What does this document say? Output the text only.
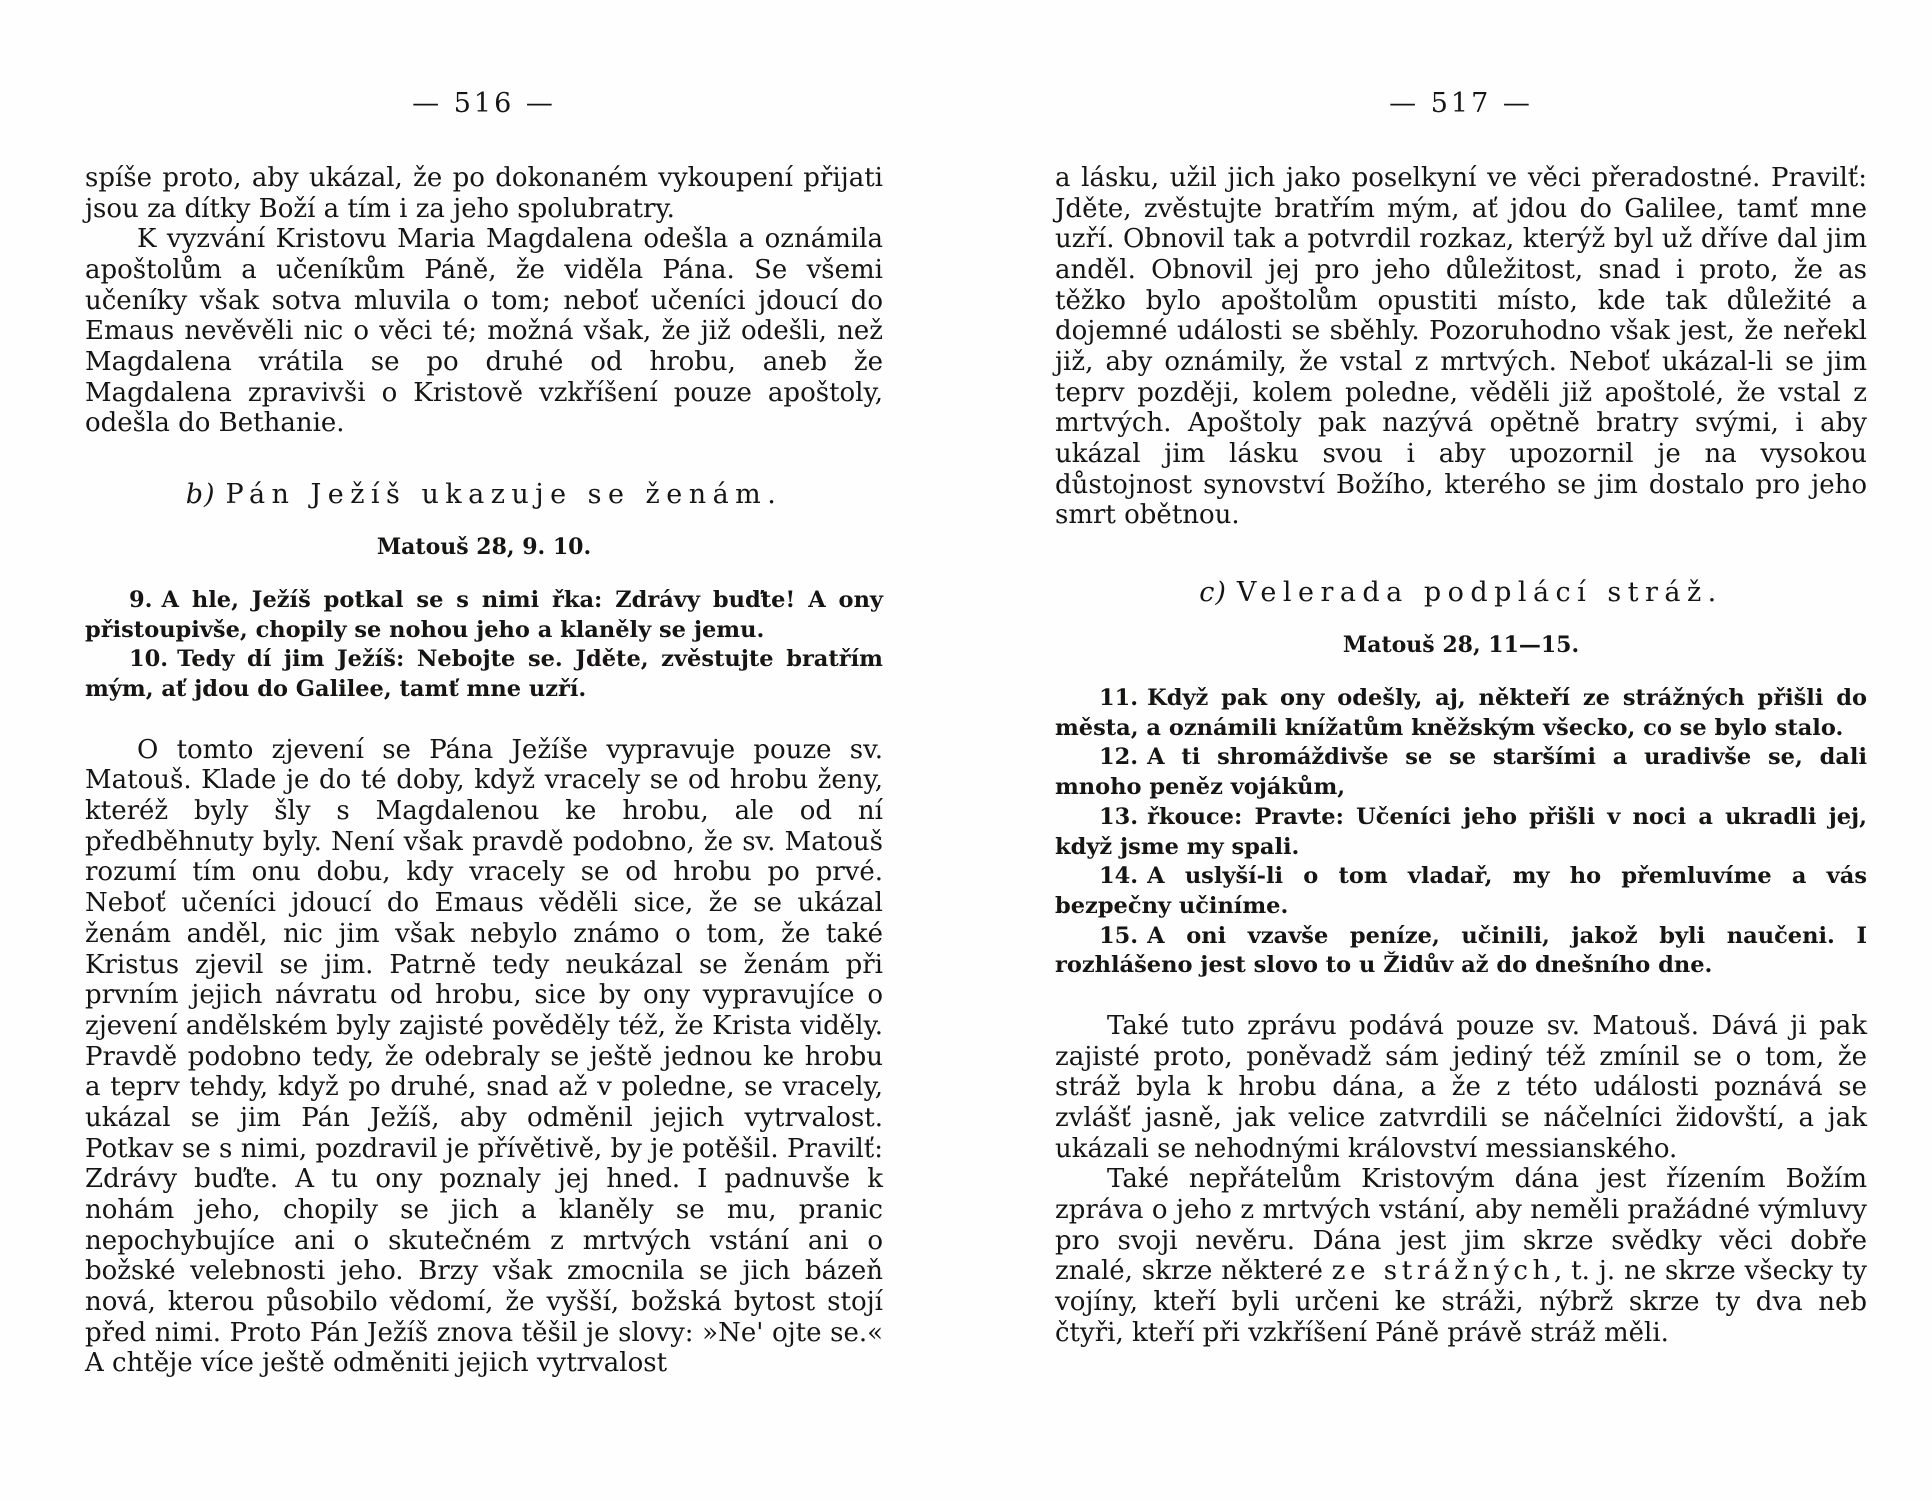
— 516 —

spíše proto, aby ukázal, že po dokonaném vykoupení přijati jsou za dítky Boží a tím i za jeho spolubratry.

K vyzvání Kristovu Maria Magdalena odešla a oznámila apoštolům a učeníkům Páně, že viděla Pána. Se všemi učeníky však sotva mluvila o tom; neboť učeníci jdoucí do Emaus nevěvěli nic o věci té; možná však, že již odešli, než Magdalena vrátila se po druhé od hrobu, aneb že Magdalena zpravivši o Kristově vzkříšení pouze apoštoly, odešla do Bethanie.

b) Pán Ježíš ukazuje se ženám.
Matouš 28, 9. 10.

9. A hle, Ježíš potkal se s nimi řka: Zdrávy buďte! A ony přistoupivše, chopily se nohou jeho a klaněly se jemu.

10. Tedy dí jim Ježíš: Nebojte se. Jděte, zvěstujte bratřím mým, ať jdou do Galilee, tamť mne uzří.

O tomto zjevení se Pána Ježíše vypravuje pouze sv. Matouš. Klade je do té doby, když vracely se od hrobu ženy, kteréž byly šly s Magdalenou ke hrobu, ale od ní předběhnuty byly. Není však pravdě podobno, že sv. Matouš rozumí tím onu dobu, kdy vracely se od hrobu po prvé. Neboť učeníci jdoucí do Emaus věděli sice, že se ukázal ženám anděl, nic jim však nebylo známo o tom, že také Kristus zjevil se jim. Patrně tedy neukázal se ženám při prvním jejich návratu od hrobu, sice by ony vypravujíce o zjevení andělském byly zajisté pověděly též, že Krista viděly. Pravdě podobno tedy, že odebraly se ještě jednou ke hrobu a teprv tehdy, když po druhé, snad až v poledne, se vracely, ukázal se jim Pán Ježíš, aby odměnil jejich vytrvalost. Potkav se s nimi, pozdravil je přívětivě, by je potěšil. Pravilť: Zdrávy buďte. A tu ony poznaly jej hned. I padnuvše k nohám jeho, chopily se jich a klaněly se mu, pranic nepochybujíce ani o skutečném z mrtvých vstání ani o božské velebnosti jeho. Brzy však zmocnila se jich bázeň nová, kterou působilo vědomí, že vyšší, božská bytost stojí před nimi. Proto Pán Ježíš znova těšil je slovy: »Ne' ojte se.« A chtěje více ještě odměniti jejich vytrvalost

— 517 —

a lásku, užil jich jako poselkyní ve věci přeradostné. Pravilť: Jděte, zvěstujte bratřím mým, ať jdou do Galilee, tamť mne uzří. Obnovil tak a potvrdil rozkaz, kterýž byl už dříve dal jim anděl. Obnovil jej pro jeho důležitost, snad i proto, že as těžko bylo apoštolům opustiti místo, kde tak důležité a dojemné události se sběhly. Pozoruhodno však jest, že neřekl již, aby oznámily, že vstal z mrtvých. Neboť ukázal-li se jim teprv později, kolem poledne, věděli již apoštolé, že vstal z mrtvých. Apoštoly pak nazývá opětně bratry svými, i aby ukázal jim lásku svou i aby upozornil je na vysokou důstojnost synovství Božího, kterého se jim dostalo pro jeho smrt obětnou.

c) Velerada podplácí stráž.
Matouš 28, 11—15.

11. Když pak ony odešly, aj, někteří ze strážných přišli do města, a oznámili knížatům kněžským všecko, co se bylo stalo.

12. A ti shromáždivše se se staršími a uradivše se, dali mnoho peněz vojákům,

13. řkouce: Pravte: Učeníci jeho přišli v noci a ukradli jej, když jsme my spali.

14. A uslyší-li o tom vladař, my ho přemluvíme a vás bezpečny učiníme.

15. A oni vzavše peníze, učinili, jakož byli naučeni. I rozhlášeno jest slovo to u Židův až do dnešního dne.

Také tuto zprávu podává pouze sv. Matouš. Dává ji pak zajisté proto, poněvadž sám jediný též zmínil se o tom, že stráž byla k hrobu dána, a že z této události poznává se zvlášť jasně, jak velice zatvrdili se náčelníci židovští, a jak ukázali se nehodnými království messianského.

Také nepřátelům Kristovým dána jest řízením Božím zpráva o jeho z mrtvých vstání, aby neměli pražádné výmluvy pro svoji nevěru. Dána jest jim skrze svědky věci dobře znalé, skrze některé ze strážných, t. j. ne skrze všecky ty vojíny, kteří byli určeni ke stráži, nýbrž skrze ty dva neb čtyři, kteří při vzkříšení Páně právě stráž měli.
